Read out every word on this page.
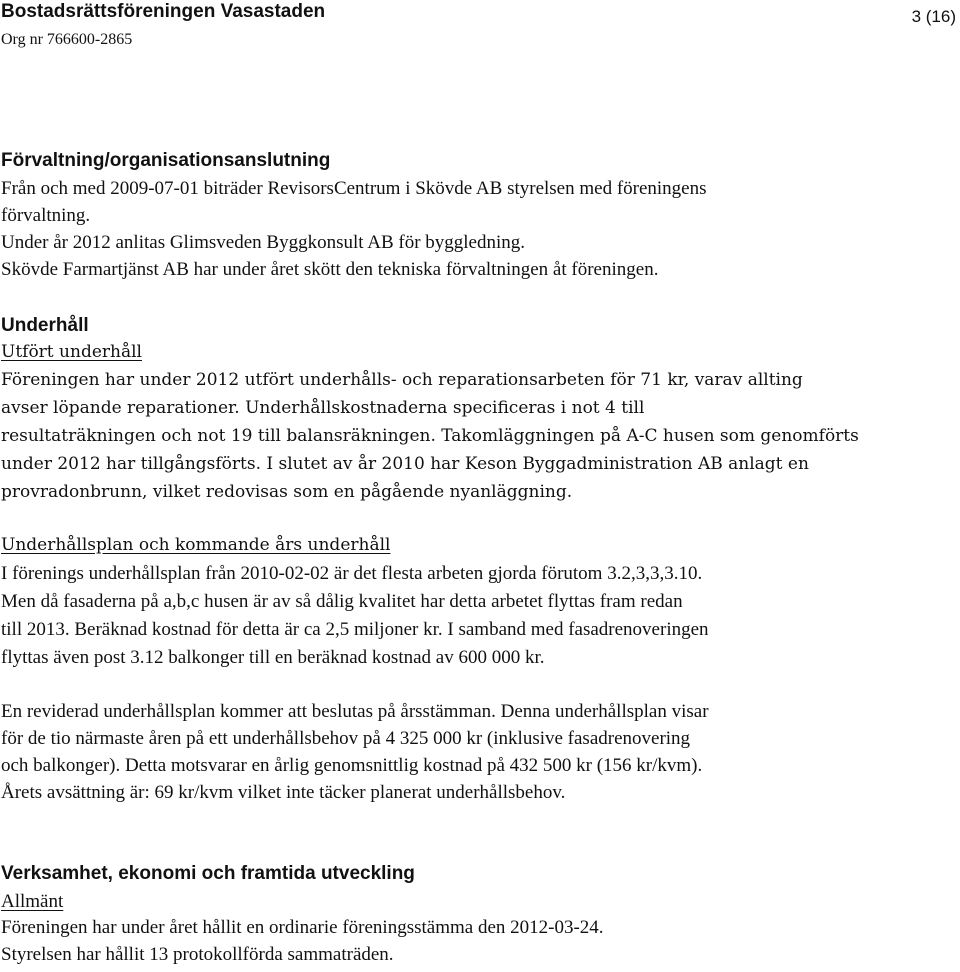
Bostadsrättsföreningen Vasastaden
Org nr 766600-2865
3 (16)
Förvaltning/organisationsanslutning
Från och med 2009-07-01 biträder RevisorsCentrum i Skövde AB styrelsen med föreningens
förvaltning.
Under år 2012 anlitas Glimsveden Byggkonsult AB för byggledning.
Skövde Farmartjänst AB har under året skött den tekniska förvaltningen åt föreningen.
Underhåll
Utfört underhåll
Föreningen har under 2012 utfört underhålls- och reparationsarbeten för 71 kr, varav allting
avser löpande reparationer. Underhållskostnaderna specificeras i not 4 till
resultaträkningen och not 19 till balansräkningen. Takomläggningen på A-C husen som genomförts
under 2012 har tillgångsförts. I slutet av år 2010 har Keson Byggadministration AB anlagt en
provradonbrunn, vilket redovisas som en pågående nyanläggning.
Underhållsplan och kommande års underhåll
I förenings underhållsplan från 2010-02-02 är det flesta arbeten gjorda förutom 3.2,3,3,3.10.
Men då fasaderna på a,b,c husen är av så dålig kvalitet har detta arbetet flyttas fram redan
till 2013. Beräknad kostnad för detta är ca 2,5 miljoner kr. I samband med fasadrenoveringen
flyttas även post 3.12 balkonger till en beräknad kostnad av 600 000 kr.
En reviderad underhållsplan kommer att beslutas på årsstämman. Denna underhållsplan visar
för de tio närmaste åren på ett underhållsbehov på 4 325 000 kr (inklusive fasadrenovering
och balkonger). Detta motsvarar en årlig genomsnittlig kostnad på 432 500 kr (156 kr/kvm).
Årets avsättning är: 69 kr/kvm vilket inte täcker planerat underhållsbehov.
Verksamhet, ekonomi och framtida utveckling
Allmänt
Föreningen har under året hållit en ordinarie föreningsstämma den 2012-03-24.
Styrelsen har hållit 13 protokollförda sammaträden.
